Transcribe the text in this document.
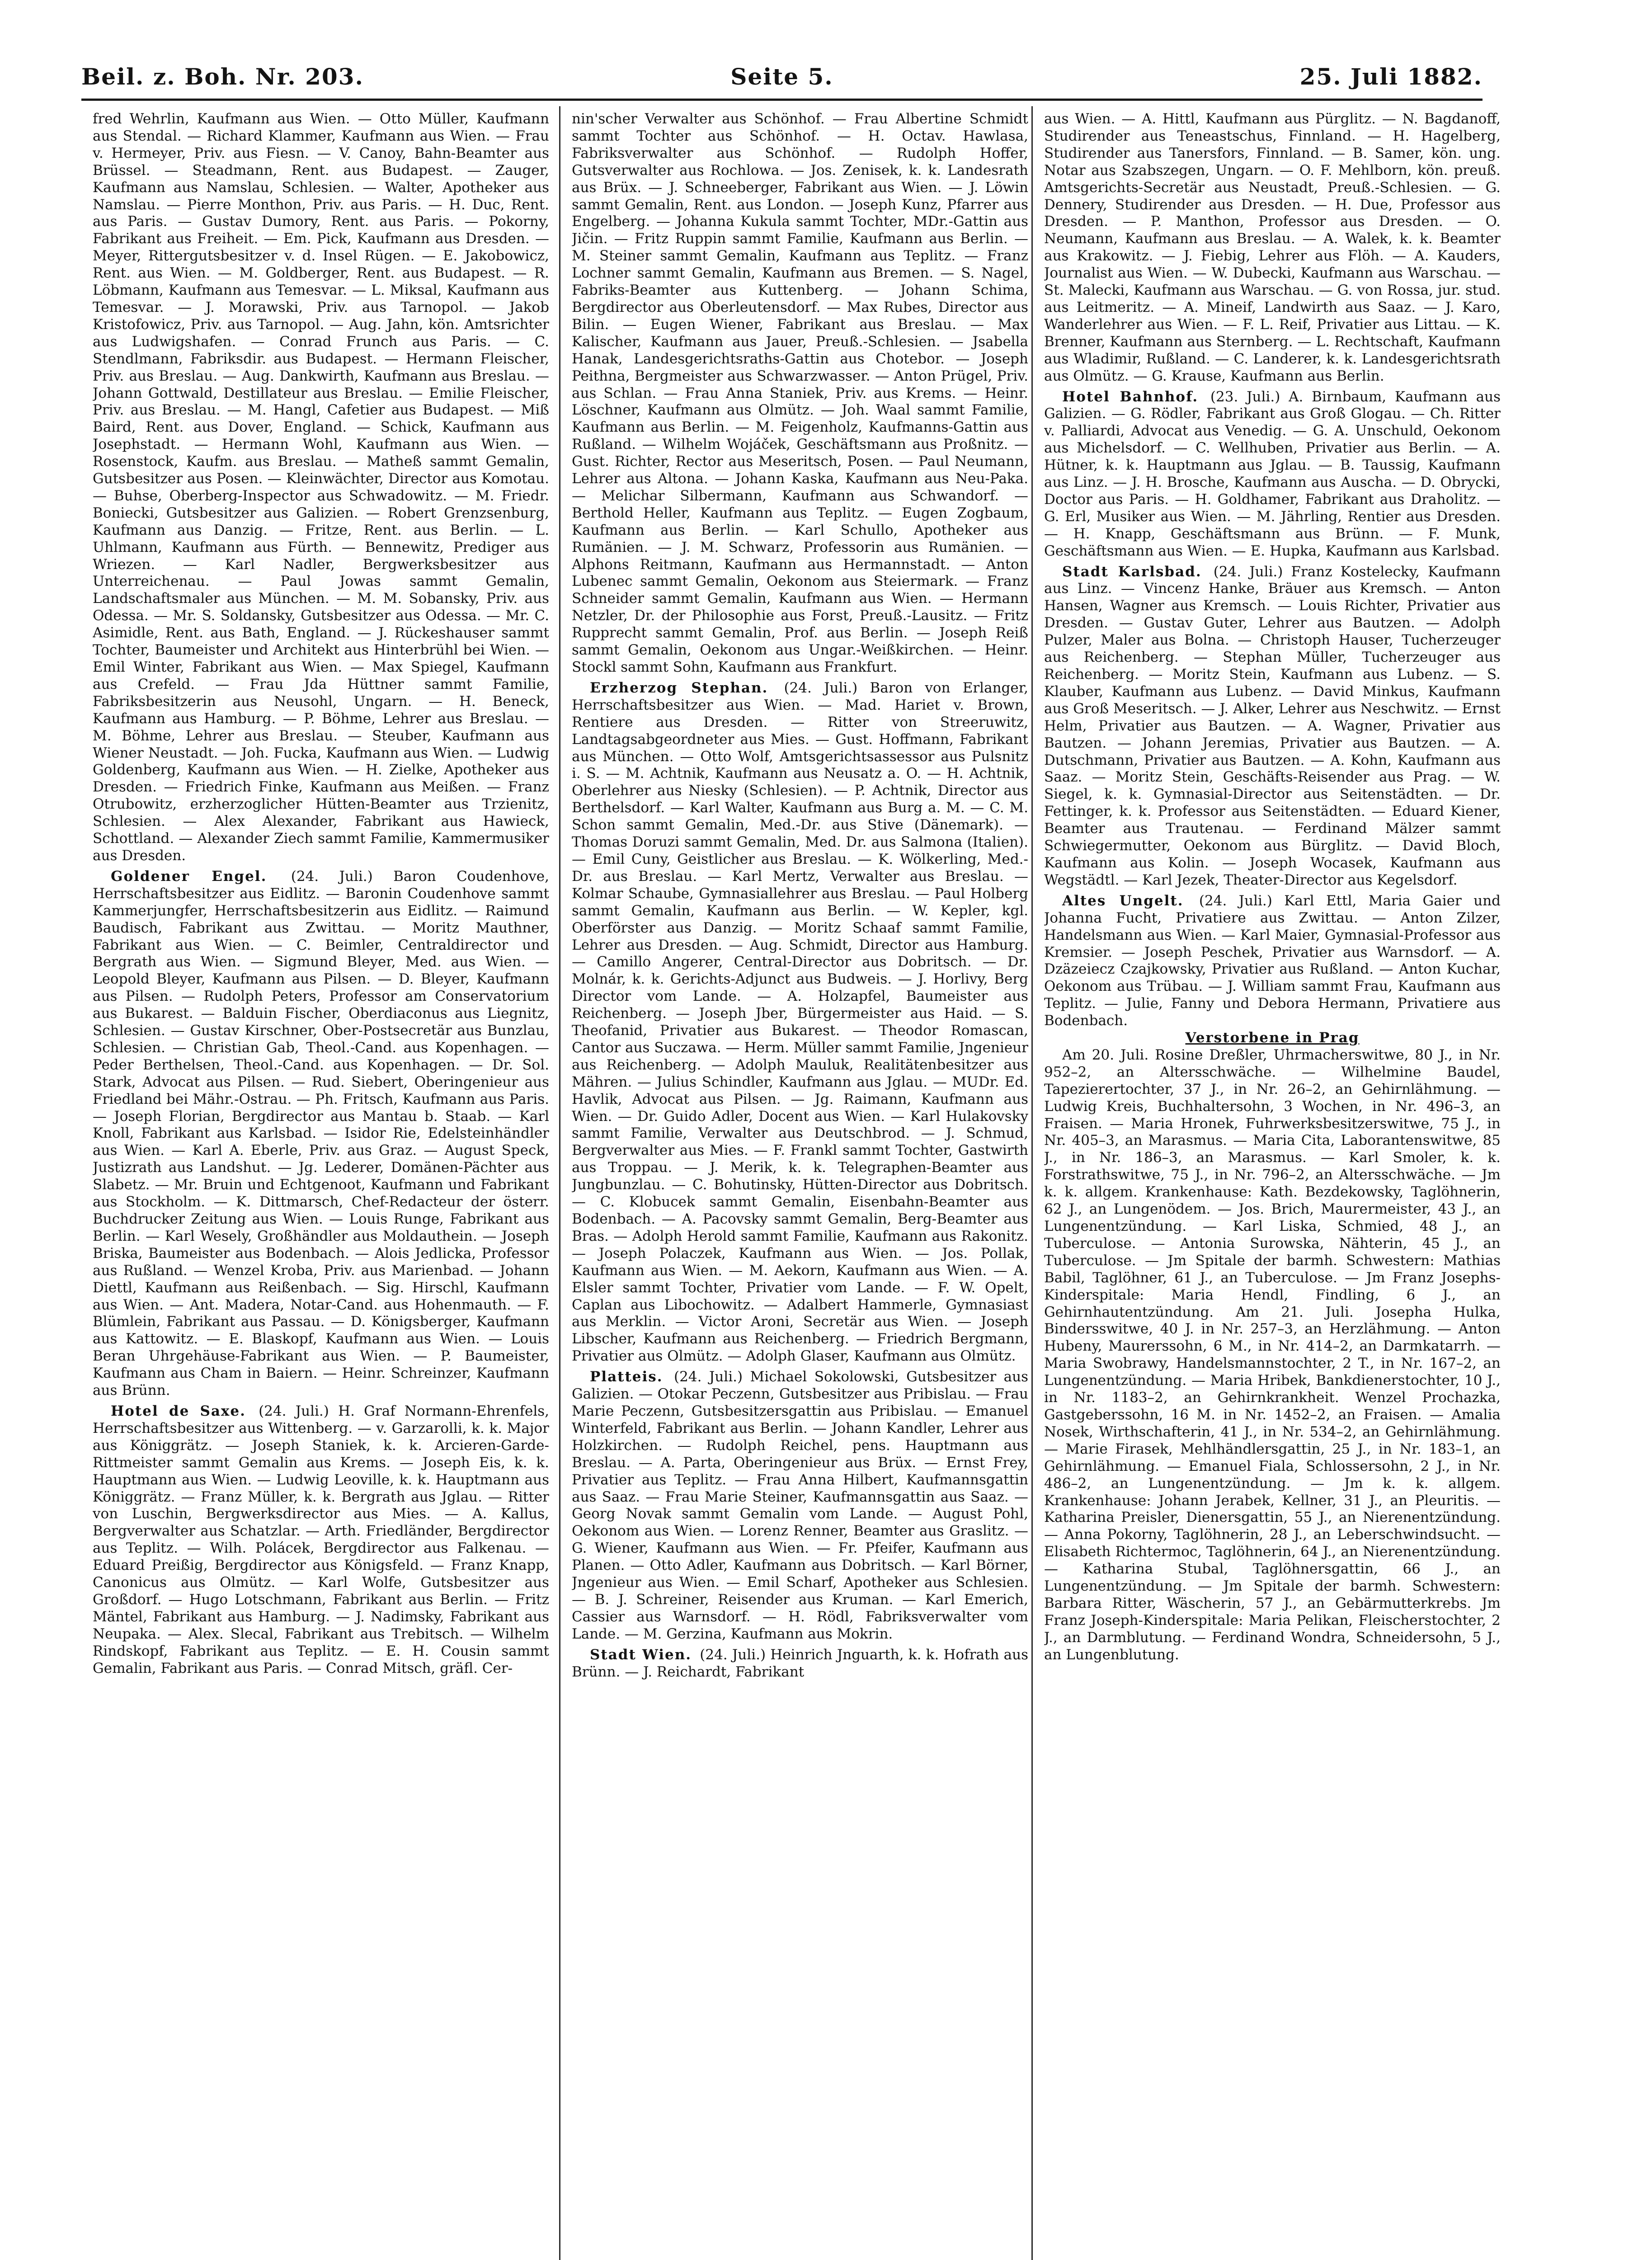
Beil. z. Boh. Nr. 203.	Seite 5.	25. Juli 1882.

fred Wehrlin, Kaufmann aus Wien. — Otto Müller, Kaufmann aus Stendal. — Richard Klammer, Kaufmann aus Wien. — Frau v. Hermeyer, Priv. aus Fiesn. — V. Canoy, Bahn-Beamter aus Brüssel. — Steadmann, Rent. aus Budapest. — Zauger, Kaufmann aus Namslau, Schlesien. — Walter, Apotheker aus Namslau. — Pierre Monthon, Priv. aus Paris. — H. Duc, Rent. aus Paris. — Gustav Dumory, Rent. aus Paris. — Pokorny, Fabrikant aus Freiheit. — Em. Pick, Kaufmann aus Dresden. — Meyer, Rittergutsbesitzer v. d. Insel Rügen. — E. Jakobowicz, Rent. aus Wien. — M. Goldberger, Rent. aus Budapest. — R. Löbmann, Kaufmann aus Temesvar. — L. Miksal, Kaufmann aus Temesvar. — J. Morawski, Priv. aus Tarnopol. — Jakob Kristofowicz, Priv. aus Tarnopol. — Aug. Jahn, kön. Amtsrichter aus Ludwigshafen. — Conrad Frunch aus Paris. — C. Stendlmann, Fabriksdir. aus Budapest. — Hermann Fleischer, Priv. aus Breslau. — Aug. Dankwirth, Kaufmann aus Breslau. — Johann Gottwald, Destillateur aus Breslau. — Emilie Fleischer, Priv. aus Breslau. — M. Hangl, Cafetier aus Budapest. — Miß Baird, Rent. aus Dover, England. — Schick, Kaufmann aus Josephstadt. — Hermann Wohl, Kaufmann aus Wien. — Rosenstock, Kaufm. aus Breslau. — Matheß sammt Gemalin, Gutsbesitzer aus Posen. — Kleinwächter, Director aus Komotau. — Buhse, Oberberg-Inspector aus Schwadowitz. — M. Friedr. Boniecki, Gutsbesitzer aus Galizien. — Robert Grenzsenburg, Kaufmann aus Danzig. — Fritze, Rent. aus Berlin. — L. Uhlmann, Kaufmann aus Fürth. — Bennewitz, Prediger aus Wriezen. — Karl Nadler, Bergwerksbesitzer aus Unterreichenau. — Paul Jowas sammt Gemalin, Landschaftsmaler aus München. — M. M. Sobansky, Priv. aus Odessa. — Mr. S. Soldansky, Gutsbesitzer aus Odessa. — Mr. C. Asimidle, Rent. aus Bath, England. — J. Rückeshauser sammt Tochter, Baumeister und Architekt aus Hinterbrühl bei Wien. — Emil Winter, Fabrikant aus Wien. — Max Spiegel, Kaufmann aus Crefeld. — Frau Jda Hüttner sammt Familie, Fabriksbesitzerin aus Neusohl, Ungarn. — H. Beneck, Kaufmann aus Hamburg. — P. Böhme, Lehrer aus Breslau. — M. Böhme, Lehrer aus Breslau. — Steuber, Kaufmann aus Wiener Neustadt. — Joh. Fucka, Kaufmann aus Wien. — Ludwig Goldenberg, Kaufmann aus Wien. — H. Zielke, Apotheker aus Dresden. — Friedrich Finke, Kaufmann aus Meißen. — Franz Otrubowitz, erzherzoglicher Hütten-Beamter aus Trzienitz, Schlesien. — Alex Alexander, Fabrikant aus Hawieck, Schottland. — Alexander Ziech sammt Familie, Kammermusiker aus Dresden.

Goldener Engel. (24. Juli.) Baron Coudenhove, Herrschaftsbesitzer aus Eidlitz. — Baronin Coudenhove sammt Kammerjungfer, Herrschaftsbesitzerin aus Eidlitz. — Raimund Baudisch, Fabrikant aus Zwittau. — Moritz Mauthner, Fabrikant aus Wien. — C. Beimler, Centraldirector und Bergrath aus Wien. — Sigmund Bleyer, Med. aus Wien. — Leopold Bleyer, Kaufmann aus Pilsen. — D. Bleyer, Kaufmann aus Pilsen. — Rudolph Peters, Professor am Conservatorium aus Bukarest. — Balduin Fischer, Oberdiaconus aus Liegnitz, Schlesien. — Gustav Kirschner, Ober-Postsecretär aus Bunzlau, Schlesien. — Christian Gab, Theol.-Cand. aus Kopenhagen. — Peder Berthelsen, Theol.-Cand. aus Kopenhagen. — Dr. Sol. Stark, Advocat aus Pilsen. — Rud. Siebert, Oberingenieur aus Friedland bei Mähr.-Ostrau. — Ph. Fritsch, Kaufmann aus Paris. — Joseph Florian, Bergdirector aus Mantau b. Staab. — Karl Knoll, Fabrikant aus Karlsbad. — Isidor Rie, Edelsteinhändler aus Wien. — Karl A. Eberle, Priv. aus Graz. — August Speck, Justizrath aus Landshut. — Jg. Lederer, Domänen-Pächter aus Slabetz. — Mr. Bruin und Echtgenoot, Kaufmann und Fabrikant aus Stockholm. — K. Dittmarsch, Chef-Redacteur der österr. Buchdrucker Zeitung aus Wien. — Louis Runge, Fabrikant aus Berlin. — Karl Wesely, Großhändler aus Moldauthein. — Joseph Briska, Baumeister aus Bodenbach. — Alois Jedlicka, Professor aus Rußland. — Wenzel Kroba, Priv. aus Marienbad. — Johann Diettl, Kaufmann aus Reißenbach. — Sig. Hirschl, Kaufmann aus Wien. — Ant. Madera, Notar-Cand. aus Hohenmauth. — F. Blümlein, Fabrikant aus Passau. — D. Königsberger, Kaufmann aus Kattowitz. — E. Blaskopf, Kaufmann aus Wien. — Louis Beran Uhrgehäuse-Fabrikant aus Wien. — P. Baumeister, Kaufmann aus Cham in Baiern. — Heinr. Schreinzer, Kaufmann aus Brünn.

Hotel de Saxe. (24. Juli.) H. Graf Normann-Ehrenfels, Herrschaftsbesitzer aus Wittenberg. — v. Garzarolli, k. k. Major aus Königgrätz. — Joseph Staniek, k. k. Arcieren-Garde-Rittmeister sammt Gemalin aus Krems. — Joseph Eis, k. k. Hauptmann aus Wien. — Ludwig Leoville, k. k. Hauptmann aus Königgrätz. — Franz Müller, k. k. Bergrath aus Jglau. — Ritter von Luschin, Bergwerksdirector aus Mies. — A. Kallus, Bergverwalter aus Schatzlar. — Arth. Friedländer, Bergdirector aus Teplitz. — Wilh. Polácek, Bergdirector aus Falkenau. — Eduard Preißig, Bergdirector aus Königsfeld. — Franz Knapp, Canonicus aus Olmütz. — Karl Wolfe, Gutsbesitzer aus Großdorf. — Hugo Lotschmann, Fabrikant aus Berlin. — Fritz Mäntel, Fabrikant aus Hamburg. — J. Nadimsky, Fabrikant aus Neupaka. — Alex. Slecal, Fabrikant aus Trebitsch. — Wilhelm Rindskopf, Fabrikant aus Teplitz. — E. H. Cousin sammt Gemalin, Fabrikant aus Paris. — Conrad Mitsch, gräfl. Cer-

nin'scher Verwalter aus Schönhof. — Frau Albertine Schmidt sammt Tochter aus Schönhof. — H. Octav. Hawlasa, Fabriksverwalter aus Schönhof. — Rudolph Hoffer, Gutsverwalter aus Rochlowa. — Jos. Zenisek, k. k. Landesrath aus Brüx. — J. Schneeberger, Fabrikant aus Wien. — J. Löwin sammt Gemalin, Rent. aus London. — Joseph Kunz, Pfarrer aus Engelberg. — Johanna Kukula sammt Tochter, MDr.-Gattin aus Jičin. — Fritz Ruppin sammt Familie, Kaufmann aus Berlin. — M. Steiner sammt Gemalin, Kaufmann aus Teplitz. — Franz Lochner sammt Gemalin, Kaufmann aus Bremen. — S. Nagel, Fabriks-Beamter aus Kuttenberg. — Johann Schima, Bergdirector aus Oberleutensdorf. — Max Rubes, Director aus Bilin. — Eugen Wiener, Fabrikant aus Breslau. — Max Kalischer, Kaufmann aus Jauer, Preuß.-Schlesien. — Jsabella Hanak, Landesgerichtsraths-Gattin aus Chotebor. — Joseph Peithna, Bergmeister aus Schwarzwasser. — Anton Prügel, Priv. aus Schlan. — Frau Anna Staniek, Priv. aus Krems. — Heinr. Löschner, Kaufmann aus Olmütz. — Joh. Waal sammt Familie, Kaufmann aus Berlin. — M. Feigenholz, Kaufmanns-Gattin aus Rußland. — Wilhelm Wojáček, Geschäftsmann aus Proßnitz. — Gust. Richter, Rector aus Meseritsch, Posen. — Paul Neumann, Lehrer aus Altona. — Johann Kaska, Kaufmann aus Neu-Paka. — Melichar Silbermann, Kaufmann aus Schwandorf. — Berthold Heller, Kaufmann aus Teplitz. — Eugen Zogbaum, Kaufmann aus Berlin. — Karl Schullo, Apotheker aus Rumänien. — J. M. Schwarz, Professorin aus Rumänien. — Alphons Reitmann, Kaufmann aus Hermannstadt. — Anton Lubenec sammt Gemalin, Oekonom aus Steiermark. — Franz Schneider sammt Gemalin, Kaufmann aus Wien. — Hermann Netzler, Dr. der Philosophie aus Forst, Preuß.-Lausitz. — Fritz Rupprecht sammt Gemalin, Prof. aus Berlin. — Joseph Reiß sammt Gemalin, Oekonom aus Ungar.-Weißkirchen. — Heinr. Stockl sammt Sohn, Kaufmann aus Frankfurt.

Erzherzog Stephan. (24. Juli.) Baron von Erlanger, Herrschaftsbesitzer aus Wien. — Mad. Hariet v. Brown, Rentiere aus Dresden. — Ritter von Streeruwitz, Landtagsabgeordneter aus Mies. — Gust. Hoffmann, Fabrikant aus München. — Otto Wolf, Amtsgerichtsassessor aus Pulsnitz i. S. — M. Achtnik, Kaufmann aus Neusatz a. O. — H. Achtnik, Oberlehrer aus Niesky (Schlesien). — P. Achtnik, Director aus Berthelsdorf. — Karl Walter, Kaufmann aus Burg a. M. — C. M. Schon sammt Gemalin, Med.-Dr. aus Stive (Dänemark). — Thomas Doruzi sammt Gemalin, Med. Dr. aus Salmona (Italien). — Emil Cuny, Geistlicher aus Breslau. — K. Wölkerling, Med.-Dr. aus Breslau. — Karl Mertz, Verwalter aus Breslau. — Kolmar Schaube, Gymnasiallehrer aus Breslau. — Paul Holberg sammt Gemalin, Kaufmann aus Berlin. — W. Kepler, kgl. Oberförster aus Danzig. — Moritz Schaaf sammt Familie, Lehrer aus Dresden. — Aug. Schmidt, Director aus Hamburg. — Camillo Angerer, Central-Director aus Dobritsch. — Dr. Molnár, k. k. Gerichts-Adjunct aus Budweis. — J. Horlivy, Berg Director vom Lande. — A. Holzapfel, Baumeister aus Reichenberg. — Joseph Jber, Bürgermeister aus Haid. — S. Theofanid, Privatier aus Bukarest. — Theodor Romascan, Cantor aus Suczawa. — Herm. Müller sammt Familie, Jngenieur aus Reichenberg. — Adolph Mauluk, Realitätenbesitzer aus Mähren. — Julius Schindler, Kaufmann aus Jglau. — MUDr. Ed. Havlik, Advocat aus Pilsen. — Jg. Raimann, Kaufmann aus Wien. — Dr. Guido Adler, Docent aus Wien. — Karl Hulakovsky sammt Familie, Verwalter aus Deutschbrod. — J. Schmud, Bergverwalter aus Mies. — F. Frankl sammt Tochter, Gastwirth aus Troppau. — J. Merik, k. k. Telegraphen-Beamter aus Jungbunzlau. — C. Bohutinsky, Hütten-Director aus Dobritsch. — C. Klobucek sammt Gemalin, Eisenbahn-Beamter aus Bodenbach. — A. Pacovsky sammt Gemalin, Berg-Beamter aus Bras. — Adolph Herold sammt Familie, Kaufmann aus Rakonitz. — Joseph Polaczek, Kaufmann aus Wien. — Jos. Pollak, Kaufmann aus Wien. — M. Aekorn, Kaufmann aus Wien. — A. Elsler sammt Tochter, Privatier vom Lande. — F. W. Opelt, Caplan aus Libochowitz. — Adalbert Hammerle, Gymnasiast aus Merklin. — Victor Aroni, Secretär aus Wien. — Joseph Libscher, Kaufmann aus Reichenberg. — Friedrich Bergmann, Privatier aus Olmütz. — Adolph Glaser, Kaufmann aus Olmütz.

Platteis. (24. Juli.) Michael Sokolowski, Gutsbesitzer aus Galizien. — Otokar Peczenn, Gutsbesitzer aus Pribislau. — Frau Marie Peczenn, Gutsbesitzersgattin aus Pribislau. — Emanuel Winterfeld, Fabrikant aus Berlin. — Johann Kandler, Lehrer aus Holzkirchen. — Rudolph Reichel, pens. Hauptmann aus Breslau. — A. Parta, Oberingenieur aus Brüx. — Ernst Frey, Privatier aus Teplitz. — Frau Anna Hilbert, Kaufmannsgattin aus Saaz. — Frau Marie Steiner, Kaufmannsgattin aus Saaz. — Georg Novak sammt Gemalin vom Lande. — August Pohl, Oekonom aus Wien. — Lorenz Renner, Beamter aus Graslitz. — G. Wiener, Kaufmann aus Wien. — Fr. Pfeifer, Kaufmann aus Planen. — Otto Adler, Kaufmann aus Dobritsch. — Karl Börner, Jngenieur aus Wien. — Emil Scharf, Apotheker aus Schlesien. — B. J. Schreiner, Reisender aus Kruman. — Karl Emerich, Cassier aus Warnsdorf. — H. Rödl, Fabriksverwalter vom Lande. — M. Gerzina, Kaufmann aus Mokrin.

Stadt Wien. (24. Juli.) Heinrich Jnguarth, k. k. Hofrath aus Brünn. — J. Reichardt, Fabrikant

aus Wien. — A. Hittl, Kaufmann aus Pürglitz. — N. Bagdanoff, Studirender aus Teneastschus, Finnland. — H. Hagelberg, Studirender aus Tanersfors, Finnland. — B. Samer, kön. ung. Notar aus Szabszegen, Ungarn. — O. F. Mehlborn, kön. preuß. Amtsgerichts-Secretär aus Neustadt, Preuß.-Schlesien. — G. Dennery, Studirender aus Dresden. — H. Due, Professor aus Dresden. — P. Manthon, Professor aus Dresden. — O. Neumann, Kaufmann aus Breslau. — A. Walek, k. k. Beamter aus Krakowitz. — J. Fiebig, Lehrer aus Flöh. — A. Kauders, Journalist aus Wien. — W. Dubecki, Kaufmann aus Warschau. — St. Malecki, Kaufmann aus Warschau. — G. von Rossa, jur. stud. aus Leitmeritz. — A. Mineif, Landwirth aus Saaz. — J. Karo, Wanderlehrer aus Wien. — F. L. Reif, Privatier aus Littau. — K. Brenner, Kaufmann aus Sternberg. — L. Rechtschaft, Kaufmann aus Wladimir, Rußland. — C. Landerer, k. k. Landesgerichtsrath aus Olmütz. — G. Krause, Kaufmann aus Berlin.

Hotel Bahnhof. (23. Juli.) A. Birnbaum, Kaufmann aus Galizien. — G. Rödler, Fabrikant aus Groß Glogau. — Ch. Ritter v. Palliardi, Advocat aus Venedig. — G. A. Unschuld, Oekonom aus Michelsdorf. — C. Wellhuben, Privatier aus Berlin. — A. Hütner, k. k. Hauptmann aus Jglau. — B. Taussig, Kaufmann aus Linz. — J. H. Brosche, Kaufmann aus Auscha. — D. Obrycki, Doctor aus Paris. — H. Goldhamer, Fabrikant aus Draholitz. — G. Erl, Musiker aus Wien. — M. Jährling, Rentier aus Dresden. — H. Knapp, Geschäftsmann aus Brünn. — F. Munk, Geschäftsmann aus Wien. — E. Hupka, Kaufmann aus Karlsbad.

Stadt Karlsbad. (24. Juli.) Franz Kostelecky, Kaufmann aus Linz. — Vincenz Hanke, Bräuer aus Kremsch. — Anton Hansen, Wagner aus Kremsch. — Louis Richter, Privatier aus Dresden. — Gustav Guter, Lehrer aus Bautzen. — Adolph Pulzer, Maler aus Bolna. — Christoph Hauser, Tucherzeuger aus Reichenberg. — Stephan Müller, Tucherzeuger aus Reichenberg. — Moritz Stein, Kaufmann aus Lubenz. — S. Klauber, Kaufmann aus Lubenz. — David Minkus, Kaufmann aus Groß Meseritsch. — J. Alker, Lehrer aus Neschwitz. — Ernst Helm, Privatier aus Bautzen. — A. Wagner, Privatier aus Bautzen. — Johann Jeremias, Privatier aus Bautzen. — A. Dutschmann, Privatier aus Bautzen. — A. Kohn, Kaufmann aus Saaz. — Moritz Stein, Geschäfts-Reisender aus Prag. — W. Siegel, k. k. Gymnasial-Director aus Seitenstädten. — Dr. Fettinger, k. k. Professor aus Seitenstädten. — Eduard Kiener, Beamter aus Trautenau. — Ferdinand Mälzer sammt Schwiegermutter, Oekonom aus Bürglitz. — David Bloch, Kaufmann aus Kolin. — Joseph Wocasek, Kaufmann aus Wegstädtl. — Karl Jezek, Theater-Director aus Kegelsdorf.

Altes Ungelt. (24. Juli.) Karl Ettl, Maria Gaier und Johanna Fucht, Privatiere aus Zwittau. — Anton Zilzer, Handelsmann aus Wien. — Karl Maier, Gymnasial-Professor aus Kremsier. — Joseph Peschek, Privatier aus Warnsdorf. — A. Dzäzeiecz Czajkowsky, Privatier aus Rußland. — Anton Kuchar, Oekonom aus Trübau. — J. William sammt Frau, Kaufmann aus Teplitz. — Julie, Fanny und Debora Hermann, Privatiere aus Bodenbach.

Verstorbene in Prag

Am 20. Juli. Rosine Dreßler, Uhrmacherswitwe, 80 J., in Nr. 952–2, an Altersschwäche. — Wilhelmine Baudel, Tapezierertochter, 37 J., in Nr. 26–2, an Gehirnlähmung. — Ludwig Kreis, Buchhaltersohn, 3 Wochen, in Nr. 496–3, an Fraisen. — Maria Hronek, Fuhrwerksbesitzerswitwe, 75 J., in Nr. 405–3, an Marasmus. — Maria Cita, Laborantenswitwe, 85 J., in Nr. 186–3, an Marasmus. — Karl Smoler, k. k. Forstrathswitwe, 75 J., in Nr. 796–2, an Altersschwäche. — Jm k. k. allgem. Krankenhause: Kath. Bezdekowsky, Taglöhnerin, 62 J., an Lungenödem. — Jos. Brich, Maurermeister, 43 J., an Lungenentzündung. — Karl Liska, Schmied, 48 J., an Tuberculose. — Antonia Surowska, Nähterin, 45 J., an Tuberculose. — Jm Spitale der barmh. Schwestern: Mathias Babil, Taglöhner, 61 J., an Tuberculose. — Jm Franz Josephs-Kinderspitale: Maria Hendl, Findling, 6 J., an Gehirnhautentzündung. Am 21. Juli. Josepha Hulka, Bindersswitwe, 40 J. in Nr. 257–3, an Herzlähmung. — Anton Hubeny, Maurerssohn, 6 M., in Nr. 414–2, an Darmkatarrh. — Maria Swobrawy, Handelsmannstochter, 2 T., in Nr. 167–2, an Lungenentzündung. — Maria Hribek, Bankdienerstochter, 10 J., in Nr. 1183–2, an Gehirnkrankheit. Wenzel Prochazka, Gastgeberssohn, 16 M. in Nr. 1452–2, an Fraisen. — Amalia Nosek, Wirthschafterin, 41 J., in Nr. 534–2, an Gehirnlähmung. — Marie Firasek, Mehlhändlersgattin, 25 J., in Nr. 183–1, an Gehirnlähmung. — Emanuel Fiala, Schlossersohn, 2 J., in Nr. 486–2, an Lungenentzündung. — Jm k. k. allgem. Krankenhause: Johann Jerabek, Kellner, 31 J., an Pleuritis. — Katharina Preisler, Dienersgattin, 55 J., an Nierenentzündung. — Anna Pokorny, Taglöhnerin, 28 J., an Leberschwindsucht. — Elisabeth Richtermoc, Taglöhnerin, 64 J., an Nierenentzündung. — Katharina Stubal, Taglöhnersgattin, 66 J., an Lungenentzündung. — Jm Spitale der barmh. Schwestern: Barbara Ritter, Wäscherin, 57 J., an Gebärmutterkrebs. Jm Franz Joseph-Kinderspitale: Maria Pelikan, Fleischerstochter, 2 J., an Darmblutung. — Ferdinand Wondra, Schneidersohn, 5 J., an Lungenblutung.
